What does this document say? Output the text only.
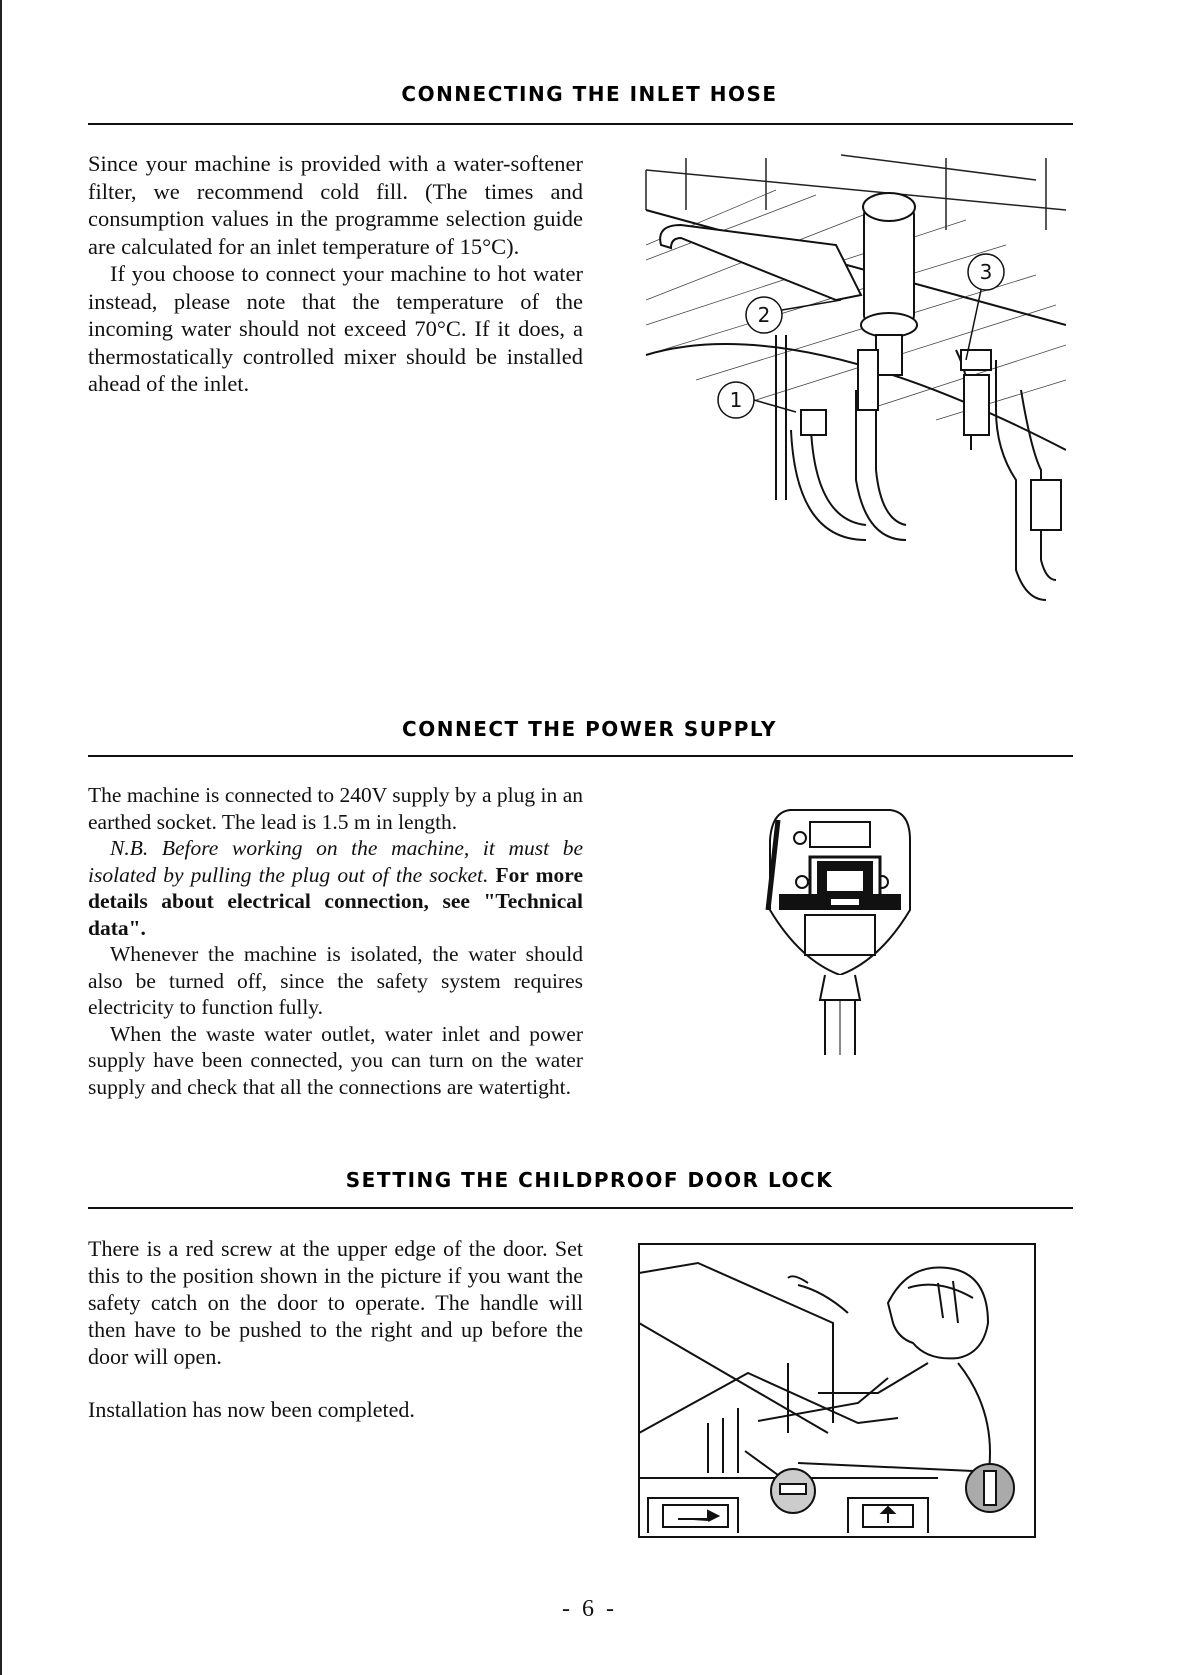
CONNECTING THE INLET HOSE

Since your machine is provided with a water-softener filter, we recommend cold fill. (The times and consumption values in the programme selection guide are calculated for an inlet temperature of 15°C).

If you choose to connect your machine to hot water instead, please note that the temperature of the incoming water should not exceed 70°C. If it does, a thermostatically controlled mixer should be installed ahead of the inlet.

1
2
3
CONNECT THE POWER SUPPLY

The machine is connected to 240V supply by a plug in an earthed socket. The lead is 1.5 m in length.

N.B. Before working on the machine, it must be isolated by pulling the plug out of the socket. For more details about electrical connection, see "Technical data".

Whenever the machine is isolated, the water should also be turned off, since the safety system requires electricity to function fully.

When the waste water outlet, water inlet and power supply have been connected, you can turn on the water supply and check that all the connections are watertight.

SETTING THE CHILDPROOF DOOR LOCK

There is a red screw at the upper edge of the door. Set this to the position shown in the picture if you want the safety catch on the door to operate. The handle will then have to be pushed to the right and up before the door will open.

Installation has now been completed.

- 6 -
